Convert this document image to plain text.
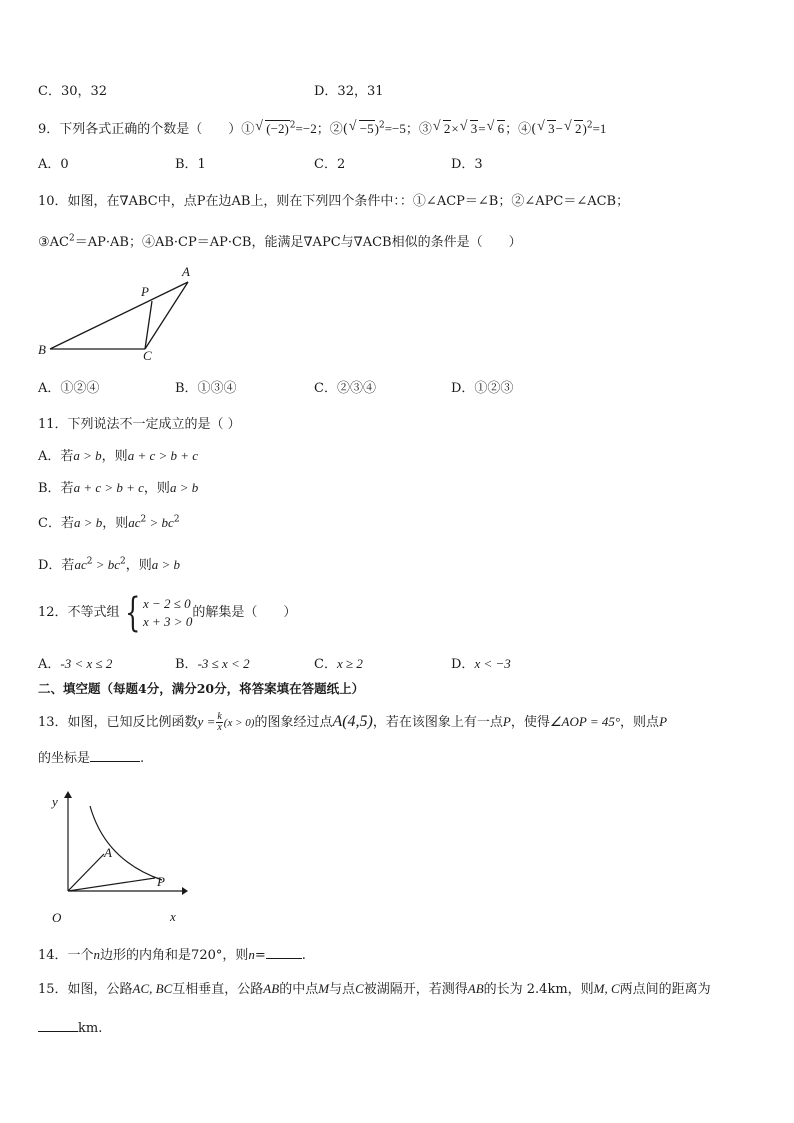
C．30，32	D．32，31
9．下列各式正确的个数是（　　）① √ $(-2)^2=-2$；②( √ −5)$^2$=−5；③ √ 2× √ 3= √ 6；④( √ 3− √ 2)$^2$=1
A．0	B．1	C．2	D．3
10．如图，在∇ABC中，点P在边AB上，则在下列四个条件中：：①∠ACP＝∠B；②∠APC＝∠ACB；
$③AC^2=AP\cdot AB$；④AB·CP＝AP·CB，能满足∇APC与∇ACB相似的条件是（　　）
A
P
B	C
A．①②④	B．①③④	C．②③④	D．①②③
11．下列说法不一定成立的是（ ）
A．若a > b，则a + c > b + c
B．若a + c > b + c，则a > b
C．若a > b，则$ac^2 > bc^2$
D．若$ac^2 > bc^2$，则a > b
12．不等式组 { x − 2 ≤ 0
x + 3 > 0
的解集是（　　）
A．-3 < x ≤ 2	B．-3 ≤ x < 2	C．x ≥ 2	D．x < −3
二、填空题（每题4分，满分20分，将答案填在答题纸上）
13．如图，已知反比例函数$y = \frac{k}{x} (x > 0)$的图象经过点A(4,5)，若在该图象上有一点P，使得∠AOP = 45°，则点P
的坐标是	.
y
A
P
O	x
14．一个n边形的内角和是720°，则n=	.
15．如图，公路AC, BC互相垂直，公路AB的中点M与点C被湖隔开，若测得AB的长为 2.4km，则M, C两点间的距离为
km.
